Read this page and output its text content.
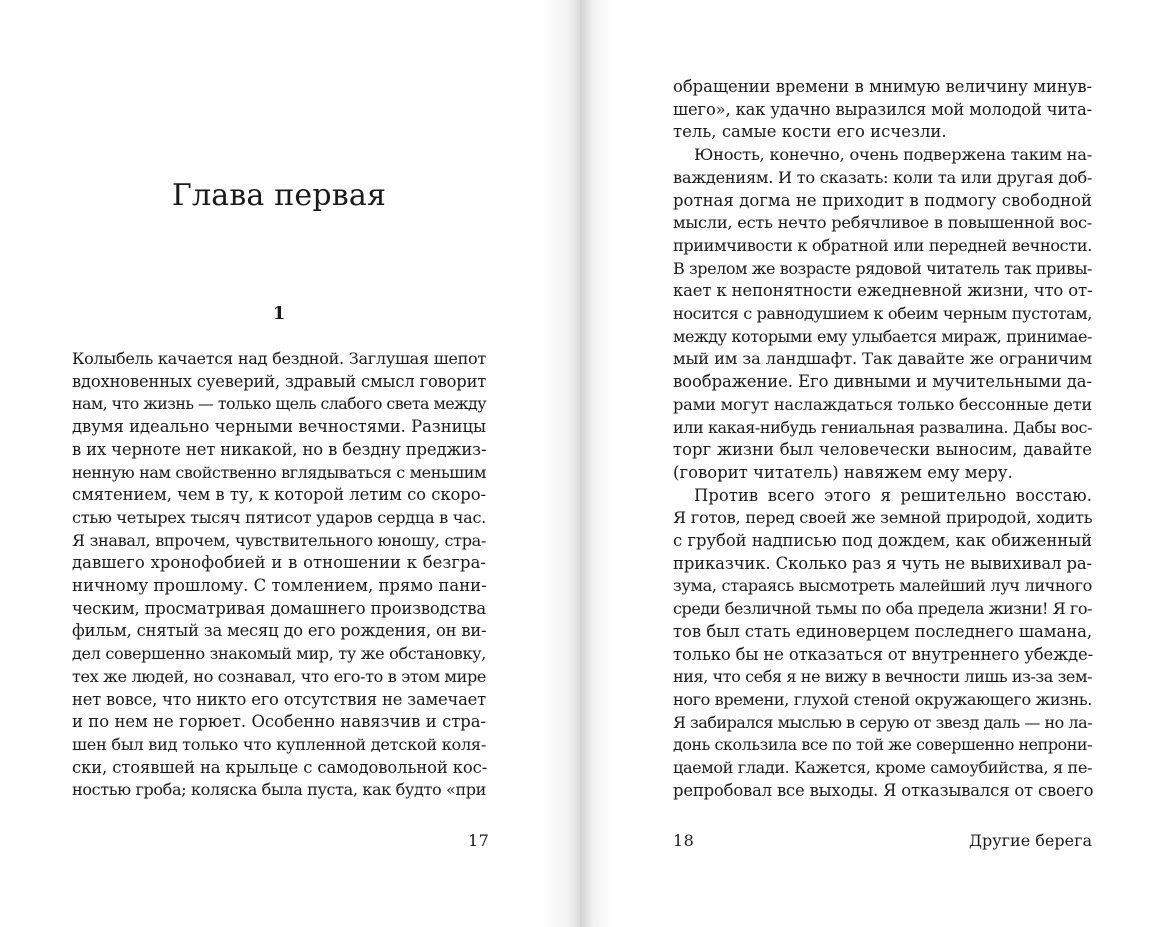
Глава первая
1
Колыбель качается над бездной. Заглушая шепот
вдохновенных суеверий, здравый смысл говорит
нам, что жизнь — только щель слабого света между
двумя идеально черными вечностями. Разницы
в их черноте нет никакой, но в бездну преджиз-
ненную нам свойственно вглядываться с меньшим
смятением, чем в ту, к которой летим со скоро-
стью четырех тысяч пятисот ударов сердца в час.
Я знавал, впрочем, чувствительного юношу, стра-
давшего хронофобией и в отношении к безгра-
ничному прошлому. С томлением, прямо пани-
ческим, просматривая домашнего производства
фильм, снятый за месяц до его рождения, он ви-
дел совершенно знакомый мир, ту же обстановку,
тех же людей, но сознавал, что его-то в этом мире
нет вовсе, что никто его отсутствия не замечает
и по нем не горюет. Особенно навязчив и стра-
шен был вид только что купленной детской коля-
ски, стоявшей на крыльце с самодовольной кос-
ностью гроба; коляска была пуста, как будто «при
17
обращении времени в мнимую величину минув-
шего», как удачно выразился мой молодой чита-
тель, самые кости его исчезли.
Юность, конечно, очень подвержена таким на-
важдениям. И то сказать: коли та или другая доб-
ротная догма не приходит в подмогу свободной
мысли, есть нечто ребячливое в повышенной вос-
приимчивости к обратной или передней вечности.
В зрелом же возрасте рядовой читатель так привы-
кает к непонятности ежедневной жизни, что от-
носится с равнодушием к обеим черным пустотам,
между которыми ему улыбается мираж, принимае-
мый им за ландшафт. Так давайте же ограничим
воображение. Его дивными и мучительными да-
рами могут наслаждаться только бессонные дети
или какая-нибудь гениальная развалина. Дабы вос-
торг жизни был человечески выносим, давайте
(говорит читатель) навяжем ему меру.
Против всего этого я решительно восстаю.
Я готов, перед своей же земной природой, ходить
с грубой надписью под дождем, как обиженный
приказчик. Сколько раз я чуть не вывихивал ра-
зума, стараясь высмотреть малейший луч личного
среди безличной тьмы по оба предела жизни! Я го-
тов был стать единоверцем последнего шамана,
только бы не отказаться от внутреннего убежде-
ния, что себя я не вижу в вечности лишь из-за зем-
ного времени, глухой стеной окружающего жизнь.
Я забирался мыслью в серую от звезд даль — но ла-
донь скользила все по той же совершенно непрони-
цаемой глади. Кажется, кроме самоубийства, я пе-
репробовал все выходы. Я отказывался от своего
18	Другие берега
